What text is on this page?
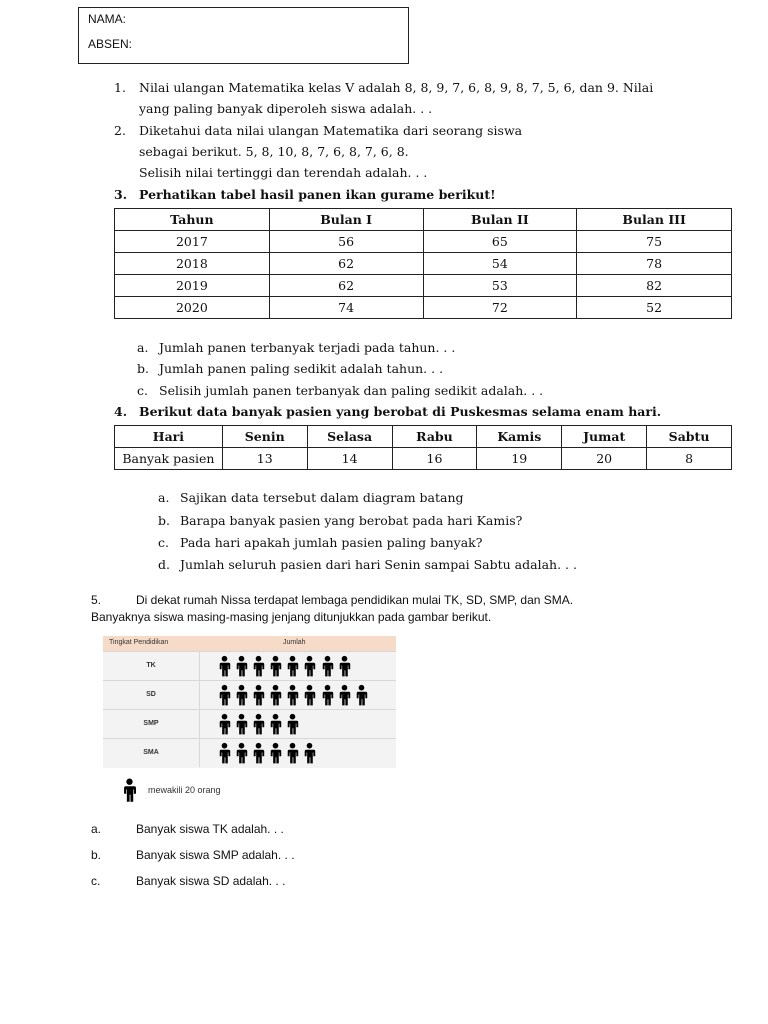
NAMA:
ABSEN:
1. Nilai ulangan Matematika kelas V adalah 8, 8, 9, 7, 6, 8, 9, 8, 7, 5, 6, dan 9. Nilai
yang paling banyak diperoleh siswa adalah. . .
2. Diketahui data nilai ulangan Matematika dari seorang siswa
sebagai berikut. 5, 8, 10, 8, 7, 6, 8, 7, 6, 8.
Selisih nilai tertinggi dan terendah adalah. . .
3. Perhatikan tabel hasil panen ikan gurame berikut!
Tahun	Bulan I	Bulan II	Bulan III
2017	56	65	75
2018	62	54	78
2019	62	53	82
2020	74	72	52
a. Jumlah panen terbanyak terjadi pada tahun. . .
b. Jumlah panen paling sedikit adalah tahun. . .
c. Selisih jumlah panen terbanyak dan paling sedikit adalah. . .
4. Berikut data banyak pasien yang berobat di Puskesmas selama enam hari.
Hari	Senin	Selasa	Rabu	Kamis	Jumat	Sabtu
Banyak pasien	13	14	16	19	20	8
a. Sajikan data tersebut dalam diagram batang
b. Barapa banyak pasien yang berobat pada hari Kamis?
c. Pada hari apakah jumlah pasien paling banyak?
d. Jumlah seluruh pasien dari hari Senin sampai Sabtu adalah. . .
5.	Di dekat rumah Nissa terdapat lembaga pendidikan mulai TK, SD, SMP, dan SMA.
Banyaknya siswa masing-masing jenjang ditunjukkan pada gambar berikut.
Tingkat Pendidikan	Jumlah
TK
SD
SMP
SMA
mewakili 20 orang
a.	Banyak siswa TK adalah. . .
b.	Banyak siswa SMP adalah. . .
c.	Banyak siswa SD adalah. . .
